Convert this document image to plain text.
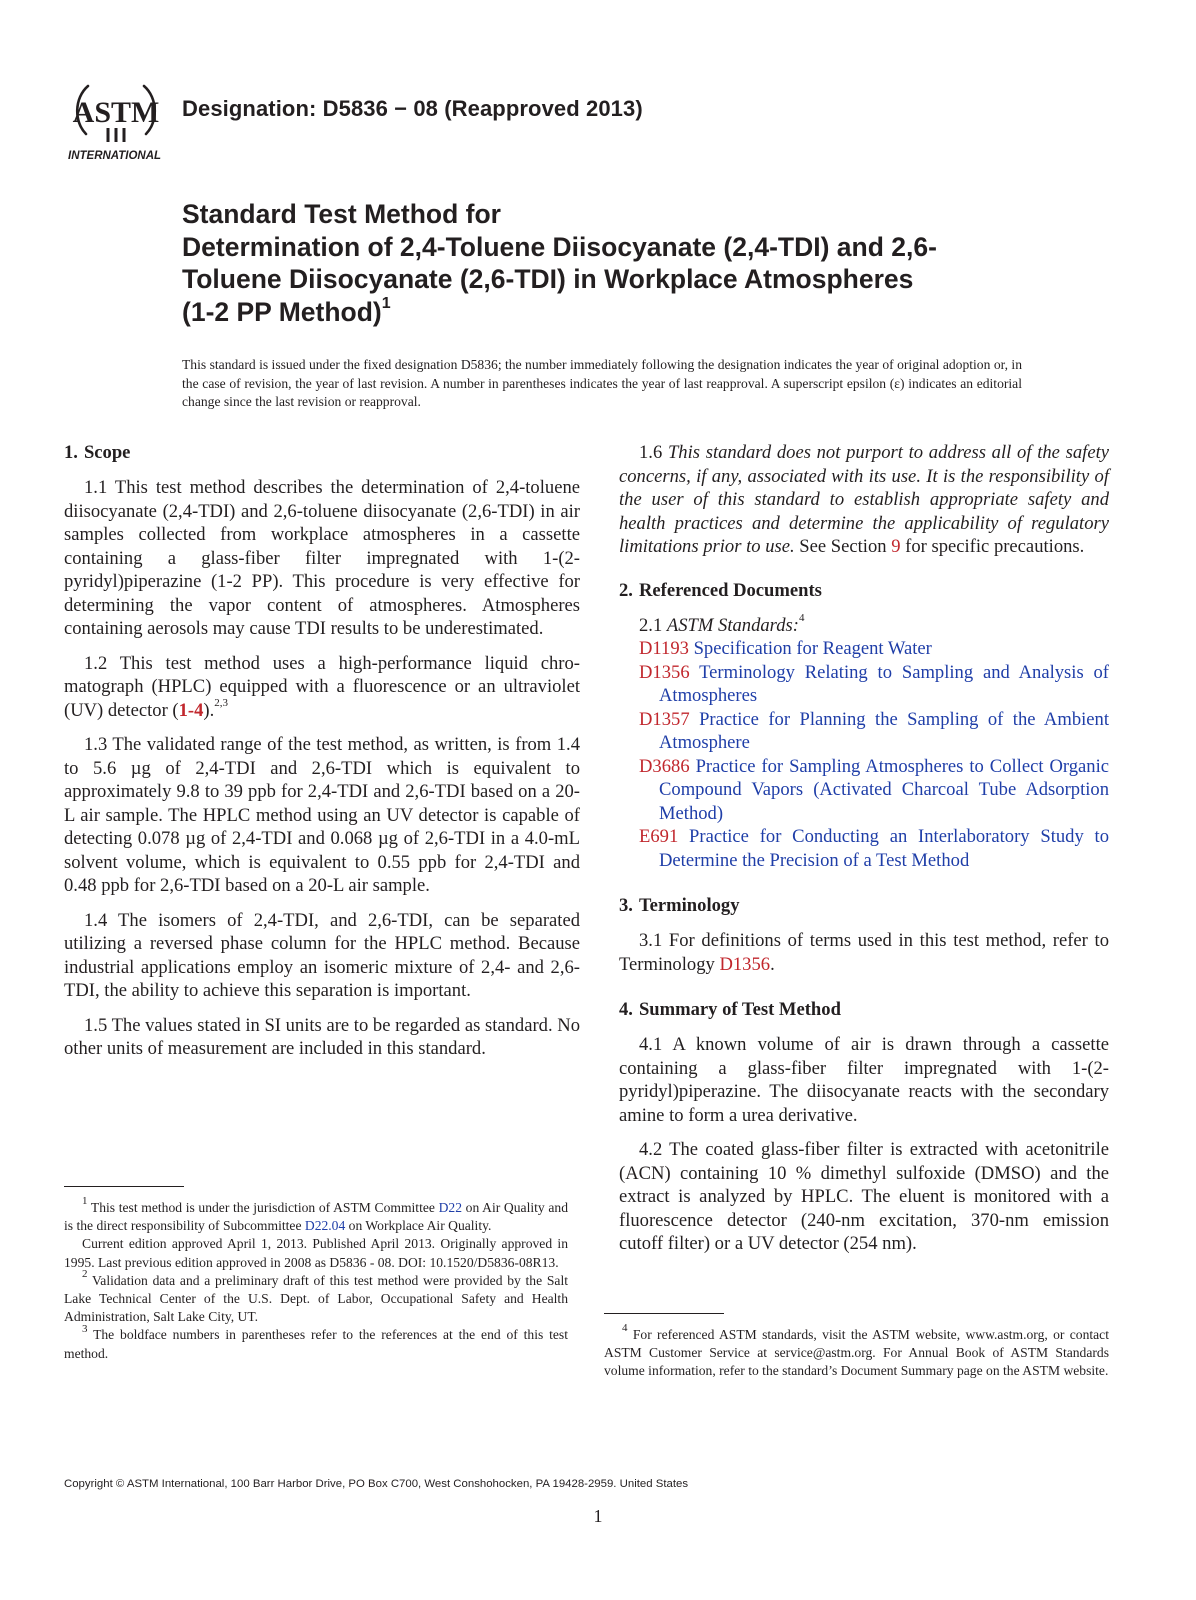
ASTM
INTERNATIONAL
Designation: D5836 − 08 (Reapproved 2013)
Standard Test Method for
Determination of 2,4-Toluene Diisocyanate (2,4-TDI) and 2,6-
Toluene Diisocyanate (2,6-TDI) in Workplace Atmospheres
(1-2 PP Method)$^1$
This standard is issued under the fixed designation D5836; the number immediately following the designation indicates the year of original adoption or, in the case of revision, the year of last revision. A number in parentheses indicates the year of last reapproval. A superscript epsilon (ε) indicates an editorial change since the last revision or reapproval.
1. Scope

1.1 This test method describes the determination of 2,4-toluene diisocyanate (2,4-TDI) and 2,6-toluene diisocyanate (2,6-TDI) in air samples collected from workplace atmospheres in a cassette containing a glass-fiber filter impregnated with 1-(2-pyridyl)piperazine (1-2 PP). This procedure is very effective for determining the vapor content of atmospheres. Atmospheres containing aerosols may cause TDI results to be underestimated.

1.2 This test method uses a high-performance liquid chromatograph (HPLC) equipped with a fluorescence or an ultraviolet (UV) detector (1-4).$^{2,3}$

1.3 The validated range of the test method, as written, is from 1.4 to 5.6 µg of 2,4-TDI and 2,6-TDI which is equivalent to approximately 9.8 to 39 ppb for 2,4-TDI and 2,6-TDI based on a 20-L air sample. The HPLC method using an UV detector is capable of detecting 0.078 µg of 2,4-TDI and 0.068 µg of 2,6-TDI in a 4.0-mL solvent volume, which is equivalent to 0.55 ppb for 2,4-TDI and 0.48 ppb for 2,6-TDI based on a 20-L air sample.

1.4 The isomers of 2,4-TDI, and 2,6-TDI, can be separated utilizing a reversed phase column for the HPLC method. Because industrial applications employ an isomeric mixture of 2,4- and 2,6-TDI, the ability to achieve this separation is important.

1.5 The values stated in SI units are to be regarded as standard. No other units of measurement are included in this standard.

$^1$ This test method is under the jurisdiction of ASTM Committee D22 on Air Quality and is the direct responsibility of Subcommittee D22.04 on Workplace Air Quality.

Current edition approved April 1, 2013. Published April 2013. Originally approved in 1995. Last previous edition approved in 2008 as D5836 - 08. DOI: 10.1520/D5836-08R13.

$^2$ Validation data and a preliminary draft of this test method were provided by the Salt Lake Technical Center of the U.S. Dept. of Labor, Occupational Safety and Health Administration, Salt Lake City, UT.

$^3$ The boldface numbers in parentheses refer to the references at the end of this test method.

1.6 This standard does not purport to address all of the safety concerns, if any, associated with its use. It is the responsibility of the user of this standard to establish appropriate safety and health practices and determine the applicability of regulatory limitations prior to use. See Section 9 for specific precautions.

2. Referenced Documents

2.1 ASTM Standards:$^4$

D1193 Specification for Reagent Water

D1356 Terminology Relating to Sampling and Analysis of Atmospheres

D1357 Practice for Planning the Sampling of the Ambient Atmosphere

D3686 Practice for Sampling Atmospheres to Collect Organic Compound Vapors (Activated Charcoal Tube Adsorption Method)

E691 Practice for Conducting an Interlaboratory Study to Determine the Precision of a Test Method

3. Terminology

3.1 For definitions of terms used in this test method, refer to Terminology D1356.

4. Summary of Test Method

4.1 A known volume of air is drawn through a cassette containing a glass-fiber filter impregnated with 1-(2-pyridyl)piperazine. The diisocyanate reacts with the secondary amine to form a urea derivative.

4.2 The coated glass-fiber filter is extracted with acetonitrile (ACN) containing 10 % dimethyl sulfoxide (DMSO) and the extract is analyzed by HPLC. The eluent is monitored with a fluorescence detector (240-nm excitation, 370-nm emission cutoff filter) or a UV detector (254 nm).

$^4$ For referenced ASTM standards, visit the ASTM website, www.astm.org, or contact ASTM Customer Service at service@astm.org. For Annual Book of ASTM Standards volume information, refer to the standard’s Document Summary page on the ASTM website.

Copyright © ASTM International, 100 Barr Harbor Drive, PO Box C700, West Conshohocken, PA 19428-2959. United States
1
